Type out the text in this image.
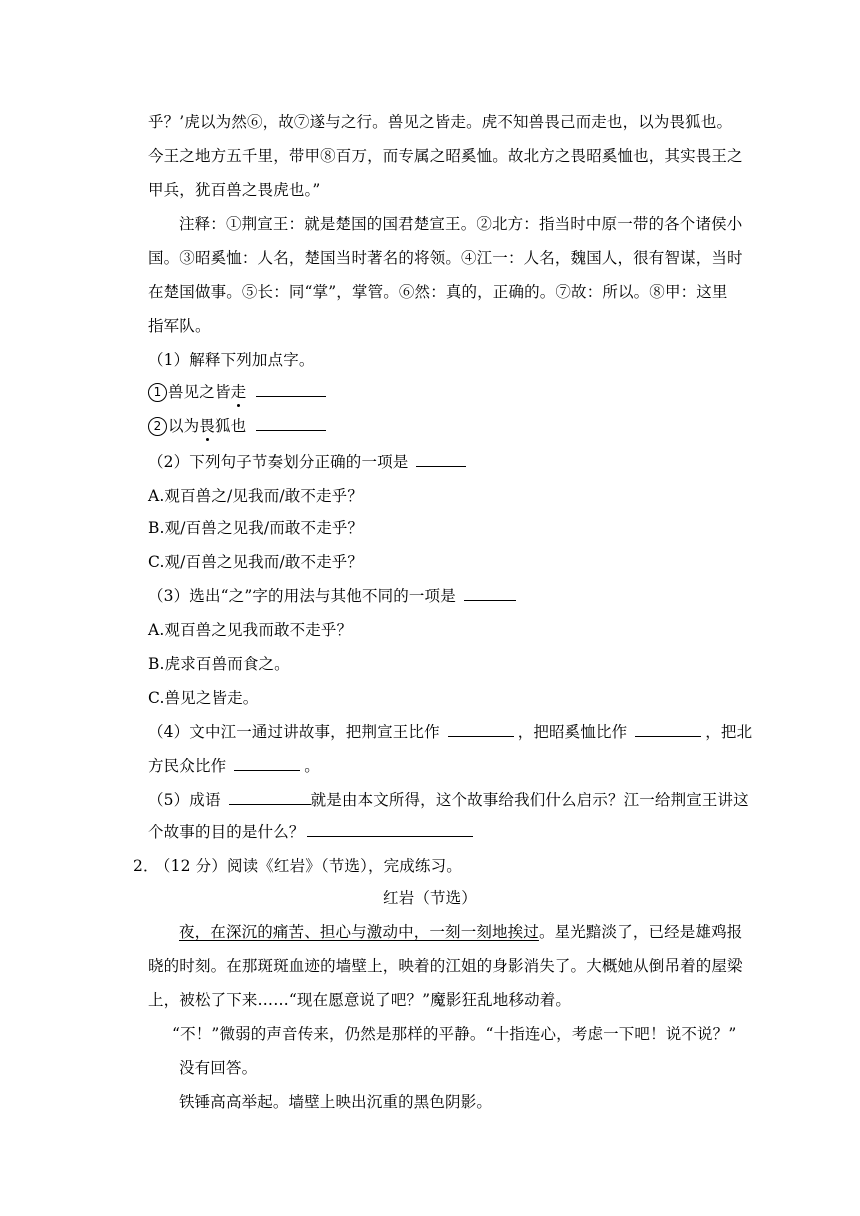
乎？’虎以为然⑥，故⑦遂与之行。兽见之皆走。虎不知兽畏己而走也，以为畏狐也。
今王之地方五千里，带甲⑧百万，而专属之昭奚恤。故北方之畏昭奚恤也，其实畏王之
甲兵，犹百兽之畏虎也。”
注释：①荆宣王：就是楚国的国君楚宣王。②北方：指当时中原一带的各个诸侯小
国。③昭奚恤：人名，楚国当时著名的将领。④江一：人名，魏国人，很有智谋，当时
在楚国做事。⑤长：同“掌”，掌管。⑥然：真的，正确的。⑦故：所以。⑧甲：这里
指军队。
（1）解释下列加点字。
1 兽见之皆走
2 以为畏狐也
（2）下列句子节奏划分正确的一项是
A.观百兽之/见我而/敢不走乎？
B.观/百兽之见我/而敢不走乎？
C.观/百兽之见我而/敢不走乎？
（3）选出“之”字的用法与其他不同的一项是
A.观百兽之见我而敢不走乎？
B.虎求百兽而食之。
C.兽见之皆走。
（4）文中江一通过讲故事，把荆宣王比作	，把昭奚恤比作	，把北
方民众比作	。
（5）成语	就是由本文所得，这个故事给我们什么启示？江一给荆宣王讲这
个故事的目的是什么？
2． （12 分）阅读《红岩》（节选），完成练习。
红岩（节选）
夜，在深沉的痛苦、担心与激动中，一刻一刻地挨过。星光黯淡了，已经是雄鸡报
晓的时刻。在那斑斑血迹的墙壁上，映着的江姐的身影消失了。大概她从倒吊着的屋梁
上，被松了下来……“现在愿意说了吧？”魔影狂乱地移动着。
“不！”微弱的声音传来，仍然是那样的平静。“十指连心，考虑一下吧！说不说？”
没有回答。
铁锤高高举起。墙壁上映出沉重的黑色阴影。
